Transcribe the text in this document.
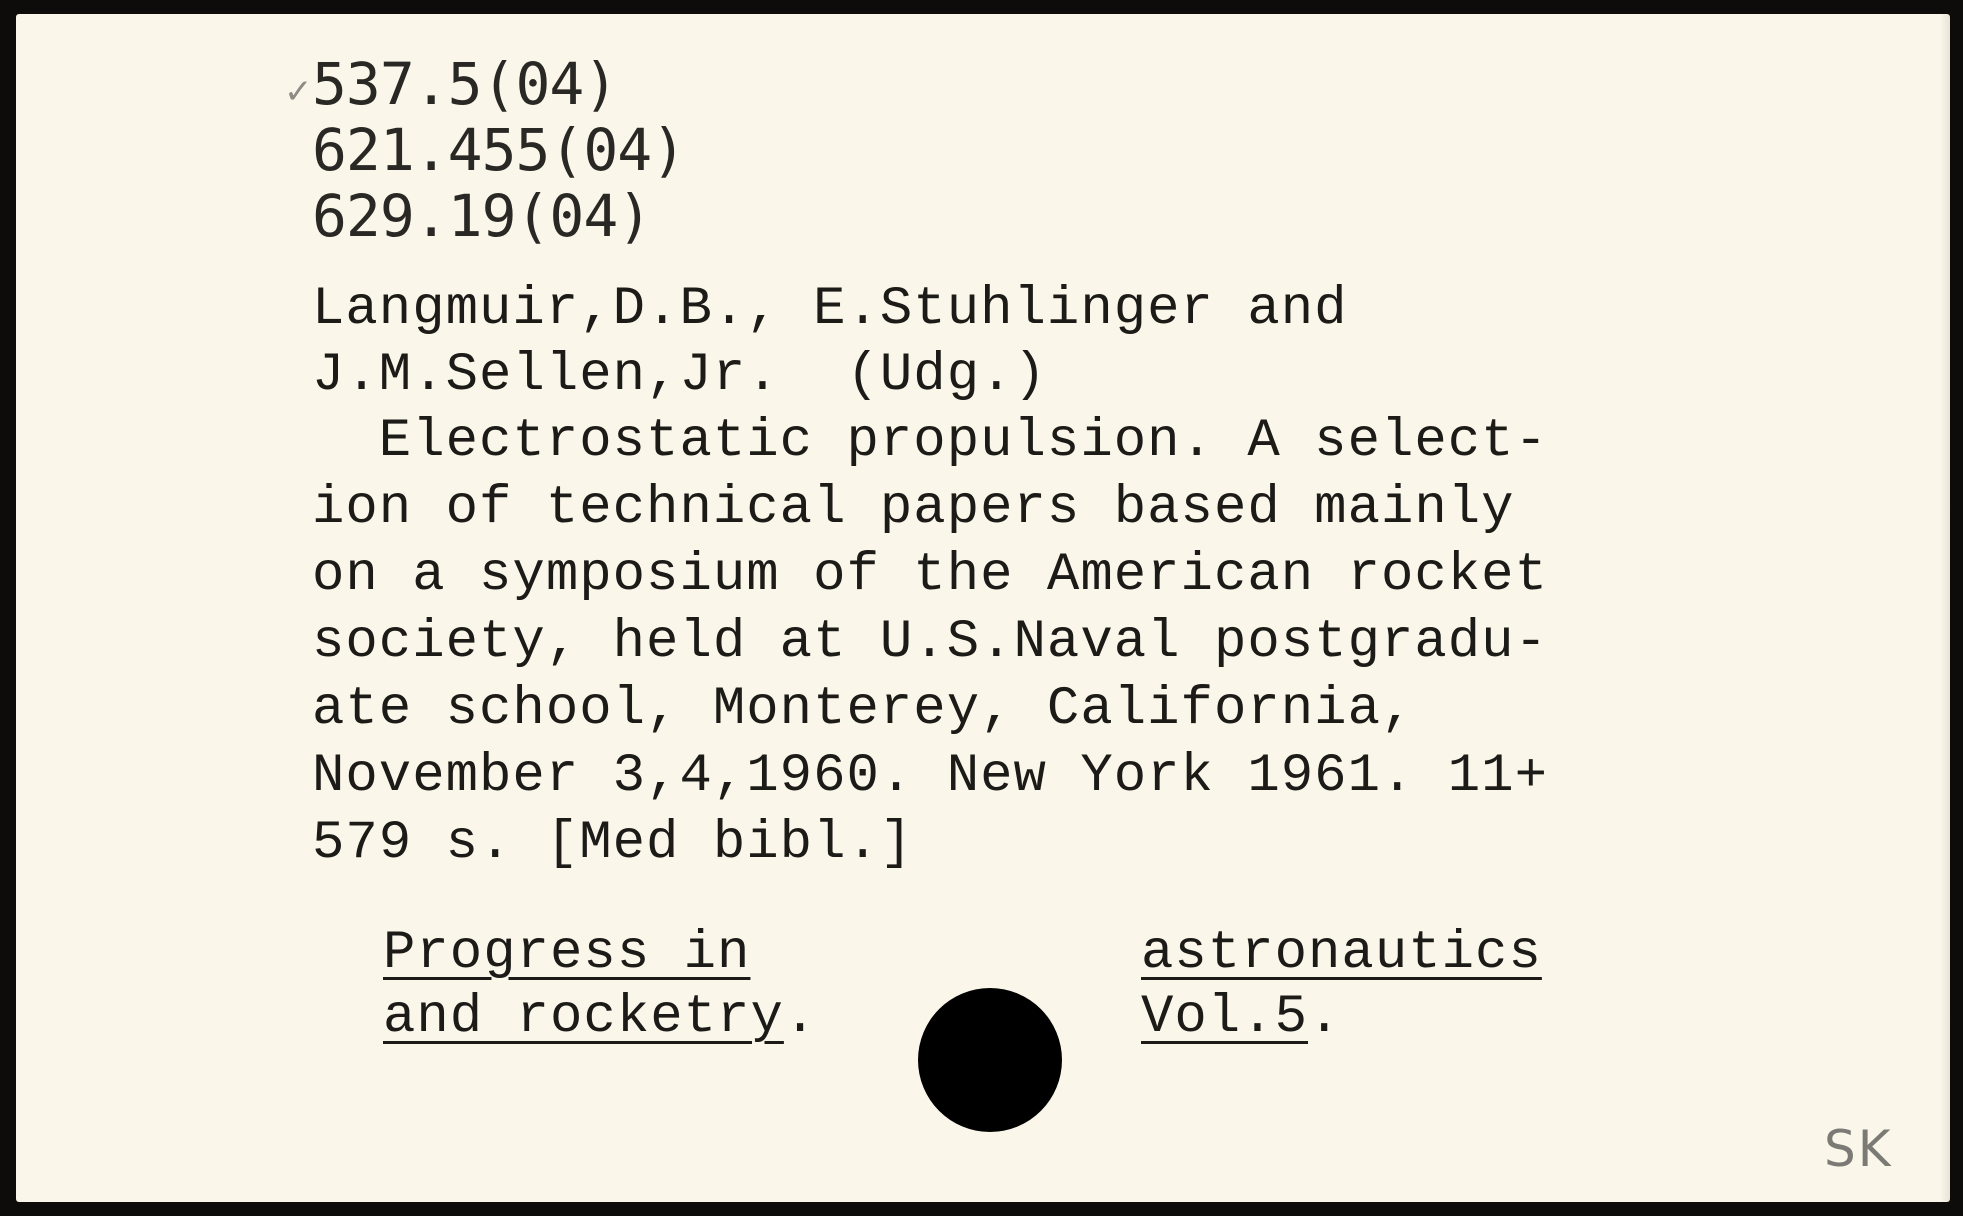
✓ 537.5(04)
621.455(04)
629.19(04)
Langmuir,D.B., E.Stuhlinger and
J.M.Sellen,Jr.  (Udg.)
Electrostatic propulsion. A select-
ion of technical papers based mainly
on a symposium of the American rocket
society, held at U.S.Naval postgradu-
ate school, Monterey, California,
November 3,4,1960. New York 1961. 11+
579 s. [Med bibl.]
Progress in
and rocketry.
astronautics
Vol.5.
SK
